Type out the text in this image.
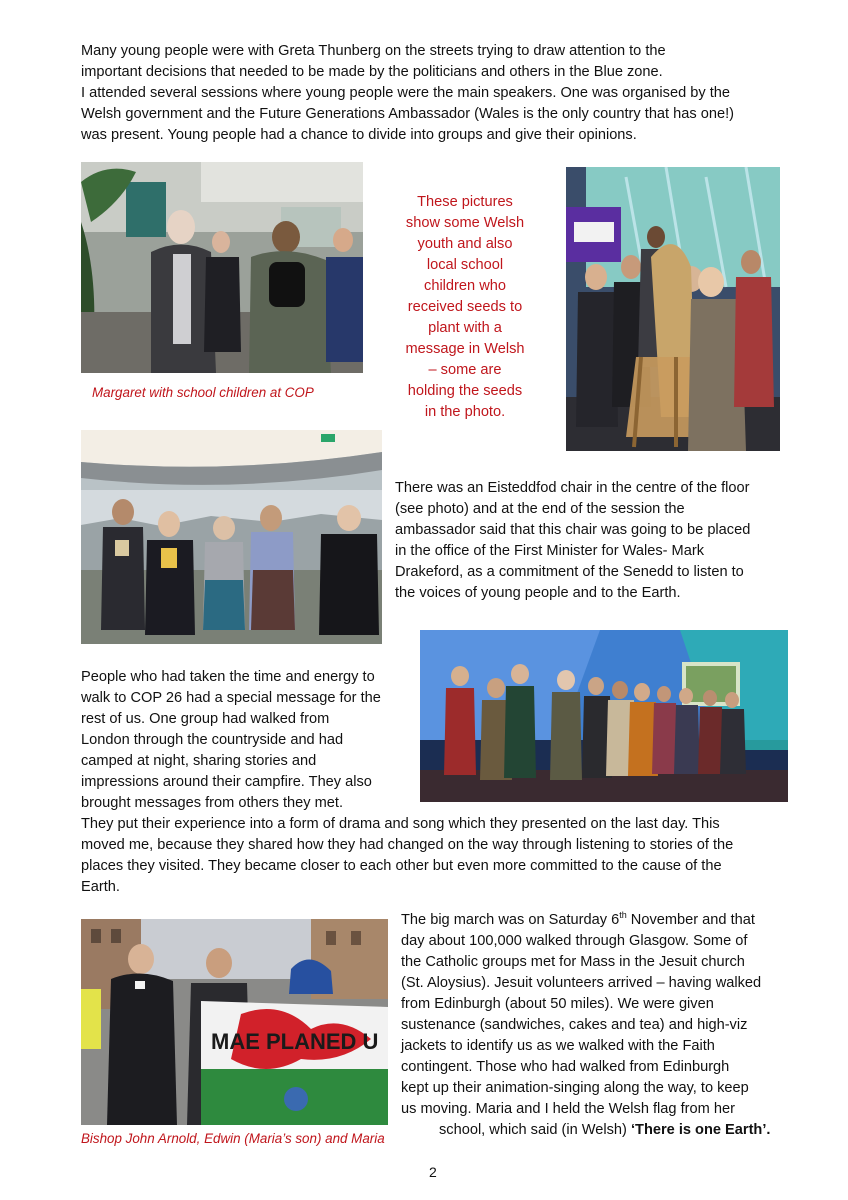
Many young people were with Greta Thunberg on the streets trying to draw attention to the
important decisions that needed to be made by the politicians and others in the Blue zone.
I attended several sessions where young people were the main speakers. One was organised by the
Welsh government and the Future Generations Ambassador (Wales is the only country that has one!)
was present. Young people had a chance to divide into groups and give their opinions.
Margaret with school children at COP
These pictures
show some Welsh
youth and also
local school
children who
received seeds to
plant with a
message in Welsh
– some are
holding the seeds
in the photo.
There was an Eisteddfod chair in the centre of the floor
(see photo) and at the end of the session the
ambassador said that this chair was going to be placed
in the office of the First Minister for Wales- Mark
Drakeford, as a commitment of the Senedd to listen to
the voices of young people and to the Earth.
People who had taken the time and energy to
walk to COP 26 had a special message for the
rest of us. One group had walked from
London through the countryside and had
camped at night, sharing stories and
impressions around their campfire. They also
brought messages from others they met.
They put their experience into a form of drama and song which they presented on the last day. This
moved me, because they shared how they had changed on the way through listening to stories of the
places they visited. They became closer to each other but even more committed to the cause of the
Earth.
MAE PLANED U
Bishop John Arnold, Edwin (Maria’s son) and Maria
The big march was on Saturday 6th November and that
day about 100,000 walked through Glasgow. Some of
the Catholic groups met for Mass in the Jesuit church
(St. Aloysius). Jesuit volunteers arrived – having walked
from Edinburgh (about 50 miles). We were given
sustenance (sandwiches, cakes and tea) and high-viz
jackets to identify us as we walked with the Faith
contingent. Those who had walked from Edinburgh
kept up their animation-singing along the way, to keep
us moving. Maria and I held the Welsh flag from her
school, which said (in Welsh) ‘There is one Earth’.
2
